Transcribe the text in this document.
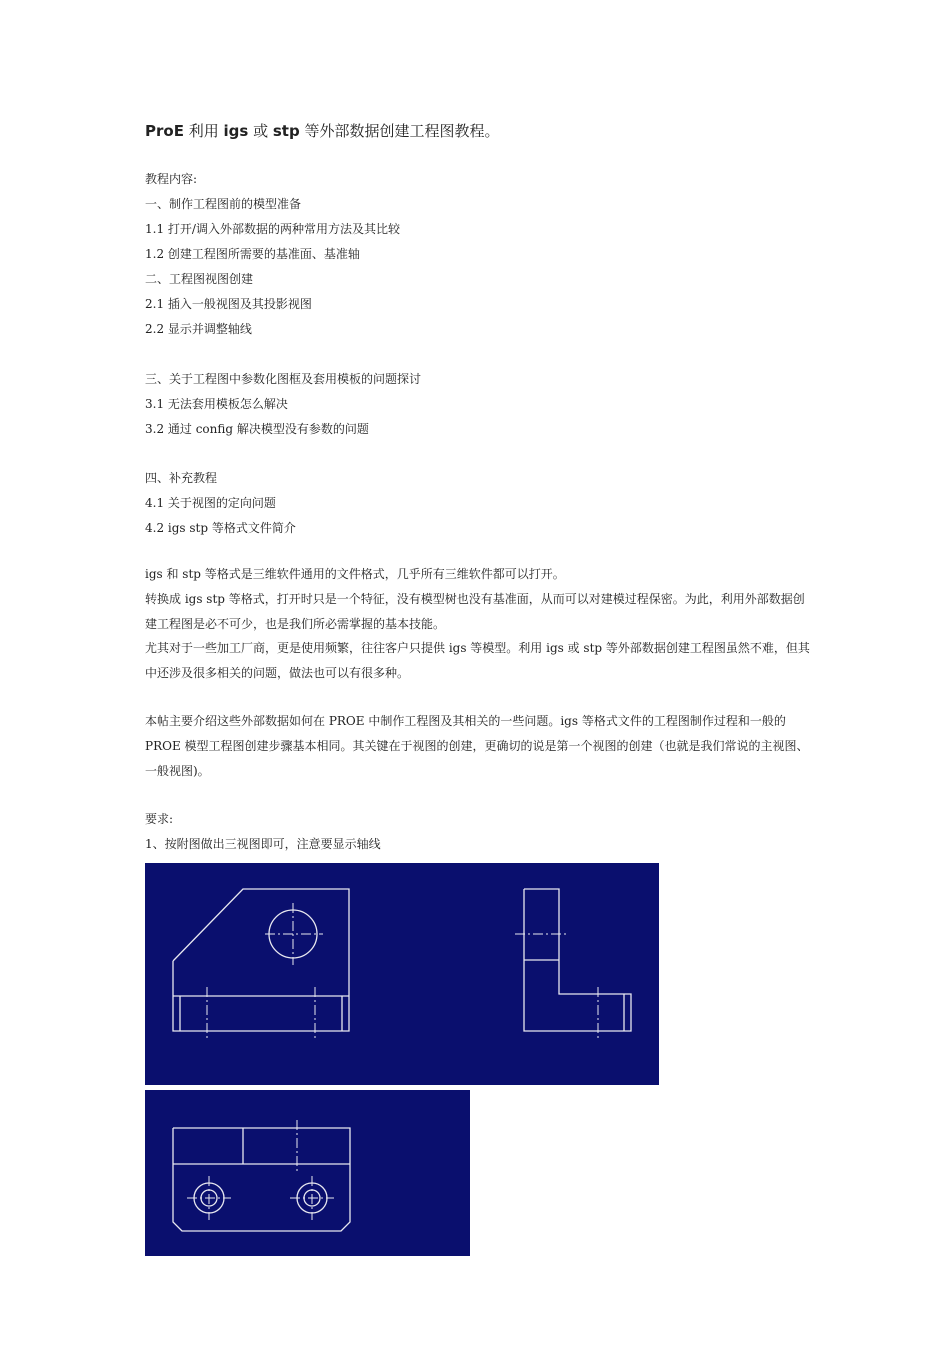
ProE 利用 igs 或 stp 等外部数据创建工程图教程。
教程内容:
一、制作工程图前的模型准备
1.1 打开/调入外部数据的两种常用方法及其比较
1.2 创建工程图所需要的基准面、基准轴
二、工程图视图创建
2.1 插入一般视图及其投影视图
2.2 显示并调整轴线
三、关于工程图中参数化图框及套用模板的问题探讨
3.1 无法套用模板怎么解决
3.2 通过 config 解决模型没有参数的问题
四、补充教程
4.1 关于视图的定向问题
4.2 igs stp 等格式文件简介
igs 和 stp 等格式是三维软件通用的文件格式，几乎所有三维软件都可以打开。
转换成 igs stp 等格式，打开时只是一个特征，没有模型树也没有基准面，从而可以对建模过程保密。为此，利用外部数据创建工程图是必不可少，也是我们所必需掌握的基本技能。
尤其对于一些加工厂商，更是使用频繁，往往客户只提供 igs 等模型。利用 igs 或 stp 等外部数据创建工程图虽然不难，但其中还涉及很多相关的问题，做法也可以有很多种。
本帖主要介绍这些外部数据如何在 PROE 中制作工程图及其相关的一些问题。igs 等格式文件的工程图制作过程和一般的 PROE 模型工程图创建步骤基本相同。其关键在于视图的创建，更确切的说是第一个视图的创建（也就是我们常说的主视图、一般视图)。
要求:
1、按附图做出三视图即可，注意要显示轴线
